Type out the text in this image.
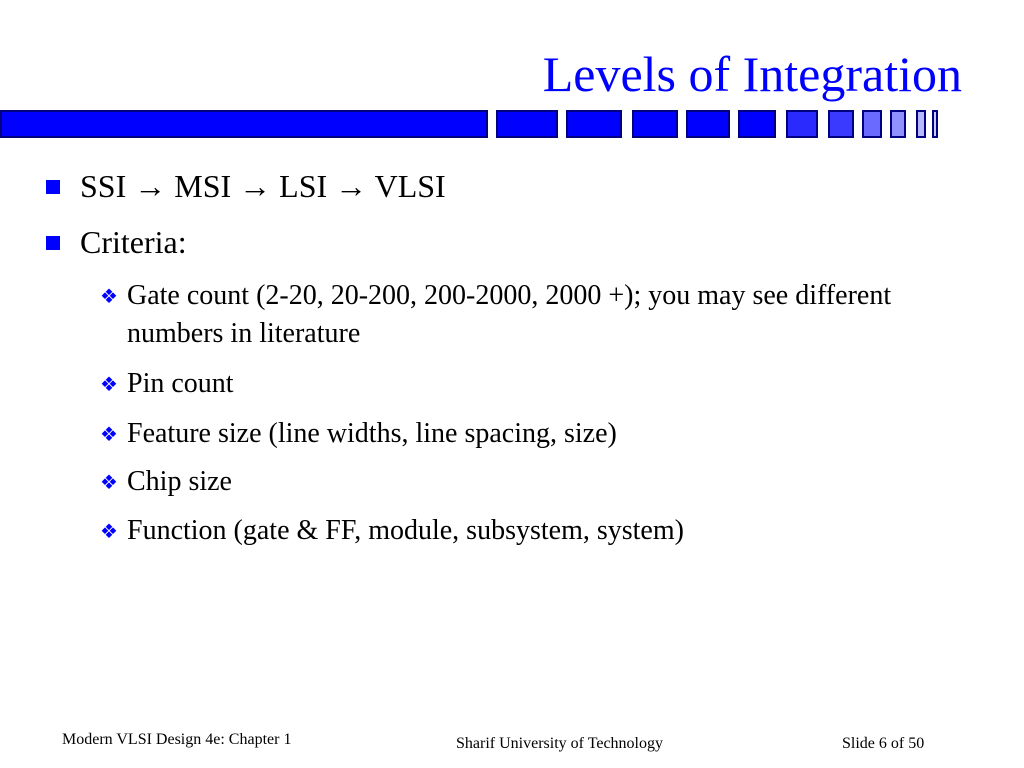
Levels of Integration
SSI → MSI → LSI → VLSI
Criteria:
❖ Gate count (2-20, 20-200, 200-2000, 2000 +); you may see different numbers in literature
❖ Pin count
❖ Feature size (line widths, line spacing, size)
❖ Chip size
❖ Function (gate & FF, module, subsystem, system)
Modern VLSI Design 4e: Chapter 1	Sharif University of Technology	Slide 6 of 50
